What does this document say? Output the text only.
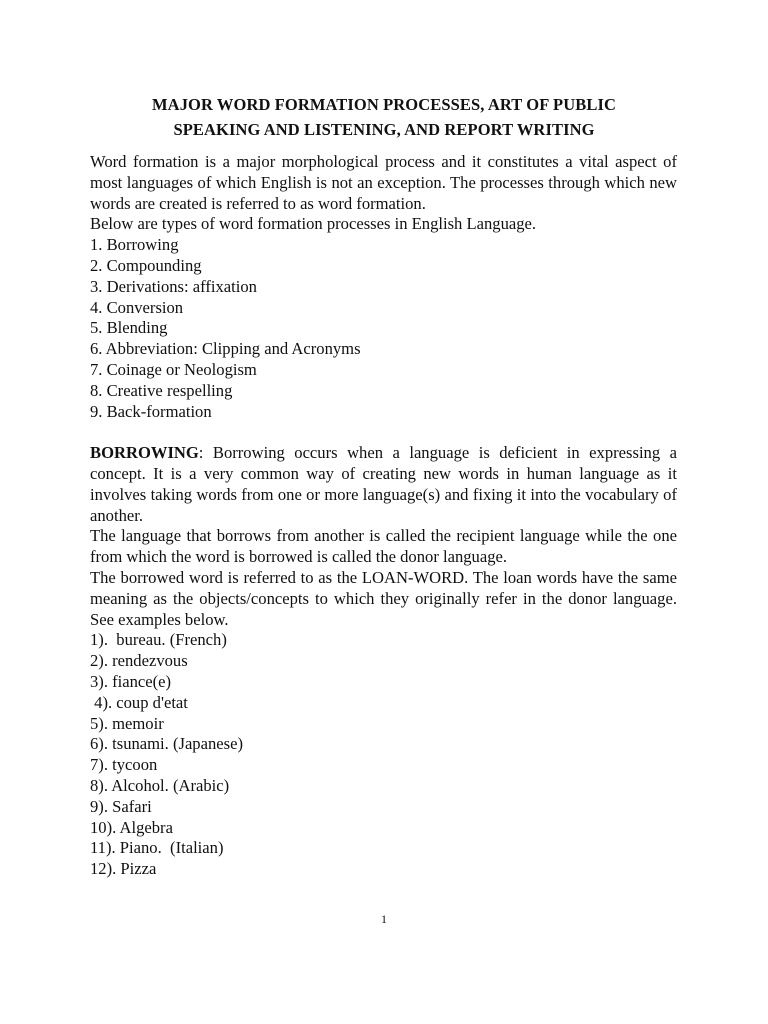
MAJOR WORD FORMATION PROCESSES, ART OF PUBLIC
SPEAKING AND LISTENING, AND REPORT WRITING

Word formation is a major morphological process and it constitutes a vital aspect of most languages of which English is not an exception. The processes through which new words are created is referred to as word formation.

Below are types of word formation processes in English Language.
1. Borrowing
2. Compounding
3. Derivations: affixation
4. Conversion
5. Blending
6. Abbreviation: Clipping and Acronyms
7. Coinage or Neologism
8. Creative respelling
9. Back-formation

BORROWING: Borrowing occurs when a language is deficient in expressing a concept. It is a very common way of creating new words in human language as it involves taking words from one or more language(s) and fixing it into the vocabulary of another.

The language that borrows from another is called the recipient language while the one from which the word is borrowed is called the donor language.

The borrowed word is referred to as the LOAN-WORD. The loan words have the same meaning as the objects/concepts to which they originally refer in the donor language. See examples below.

1).  bureau. (French)
2). rendezvous
3). fiance(e)
4). coup d'etat
5). memoir
6). tsunami. (Japanese)
7). tycoon
8). Alcohol. (Arabic)
9). Safari
10). Algebra
11). Piano.  (Italian)
12). Pizza
1
